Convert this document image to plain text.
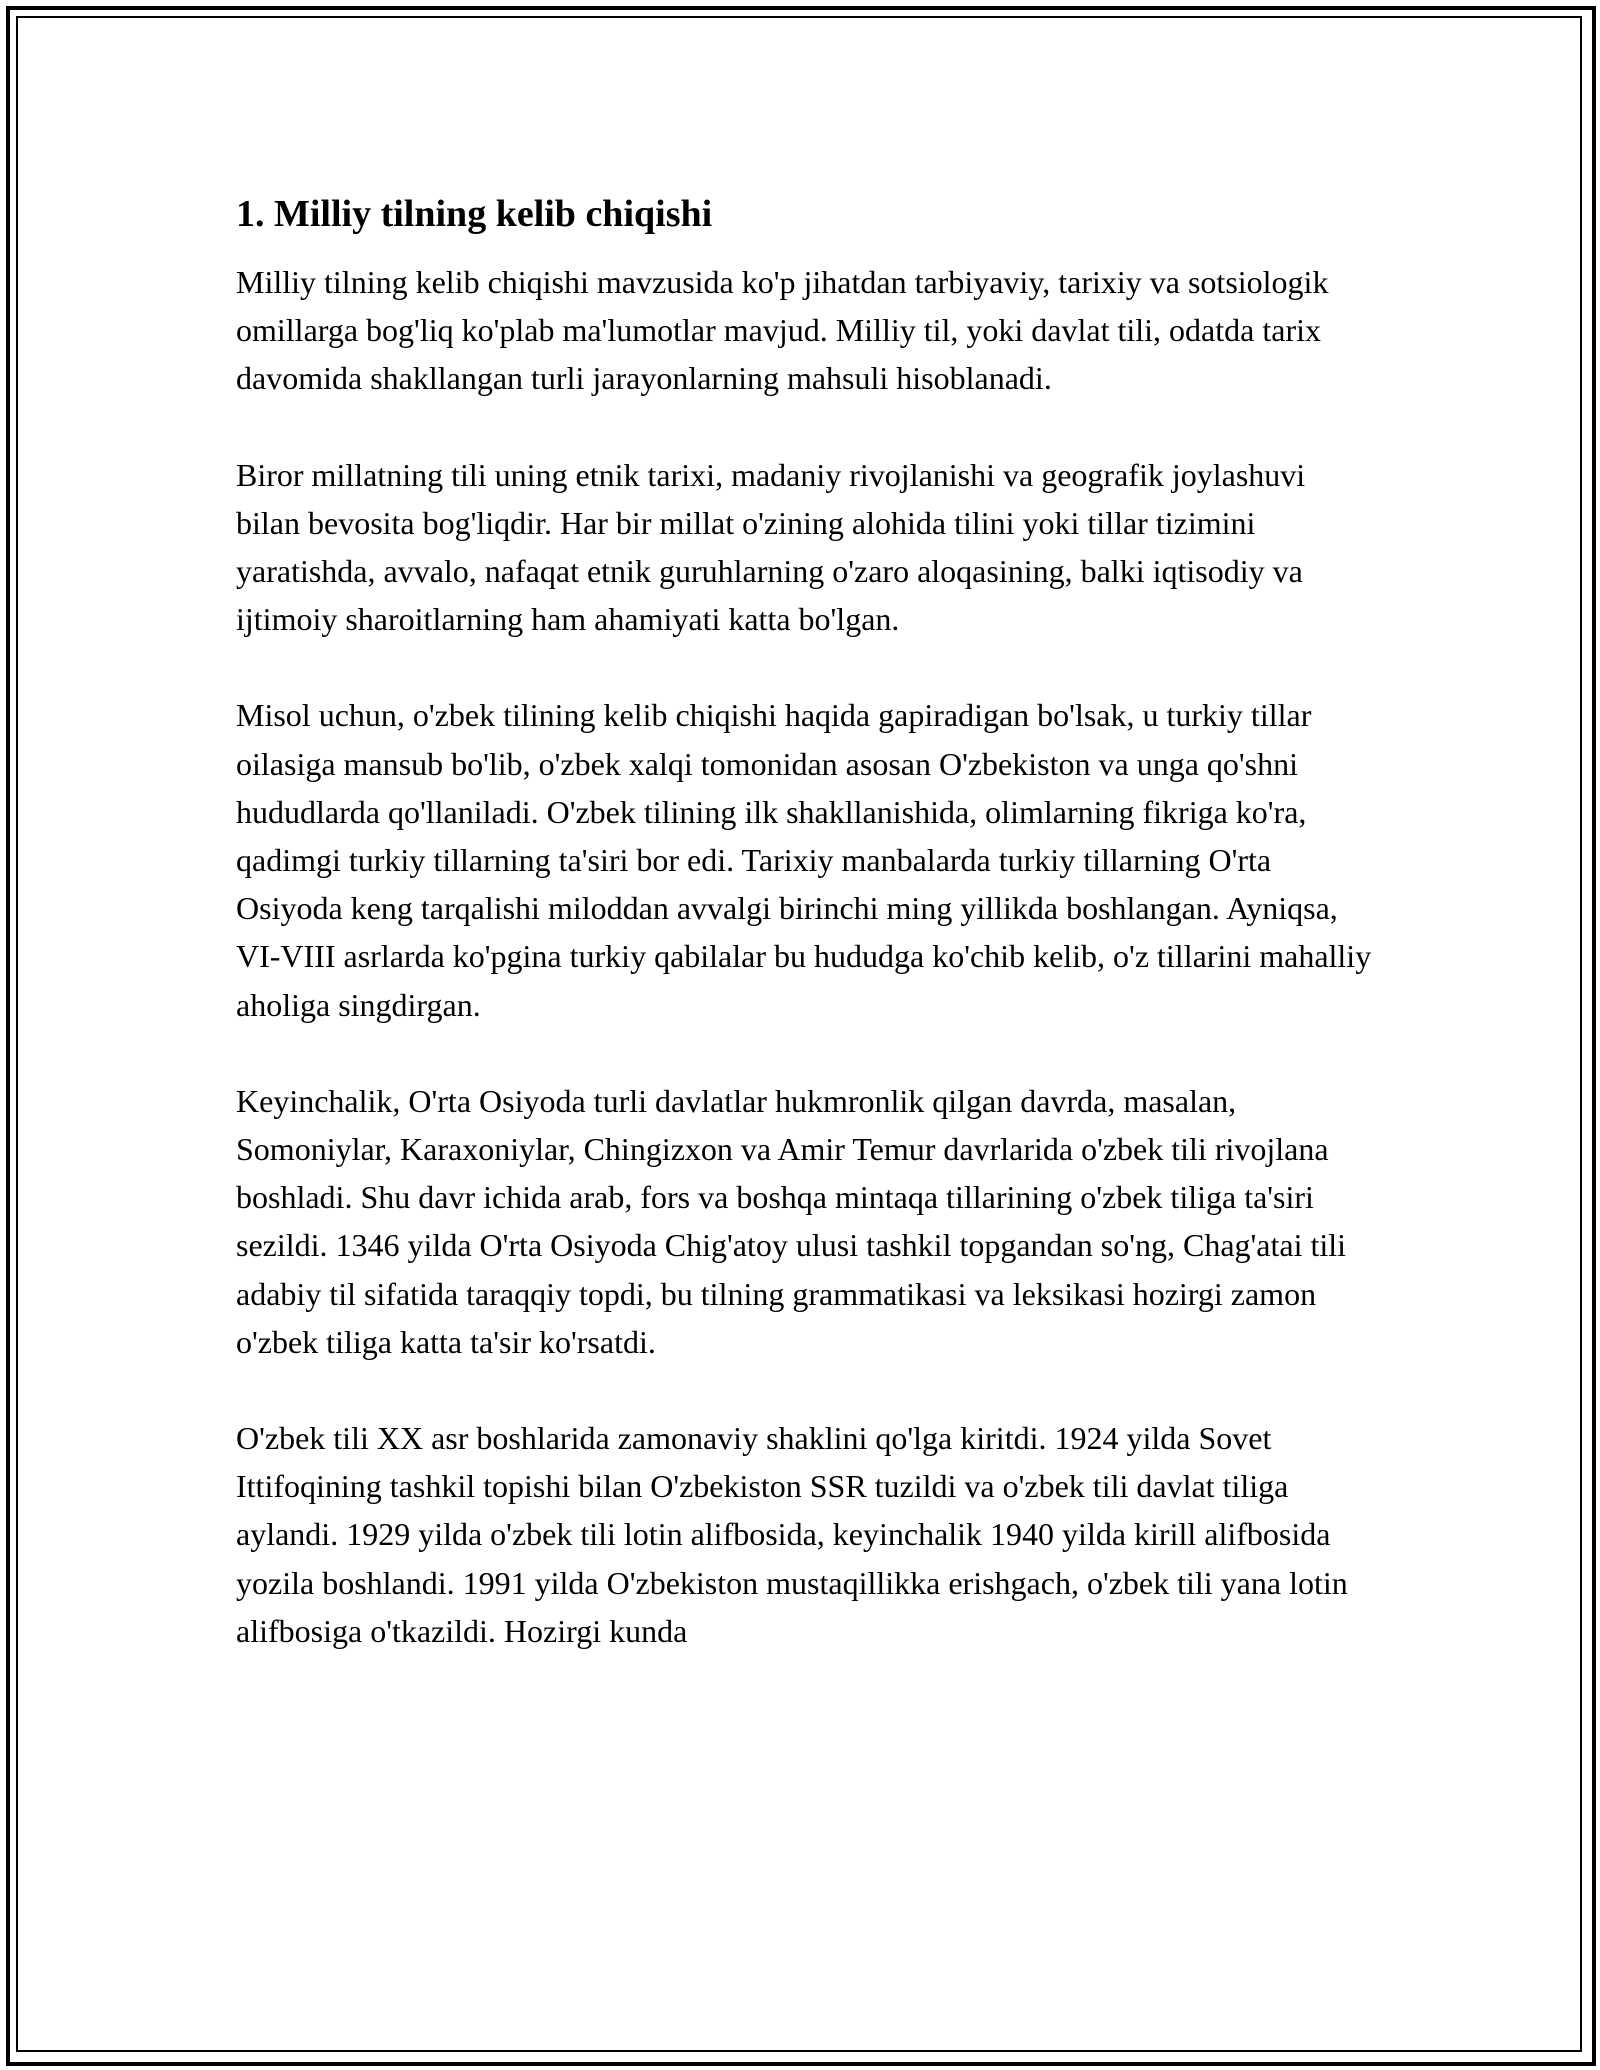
1. Milliy tilning kelib chiqishi

Milliy tilning kelib chiqishi mavzusida ko'p jihatdan tarbiyaviy, tarixiy va sotsiologik omillarga bog'liq ko'plab ma'lumotlar mavjud. Milliy til, yoki davlat tili, odatda tarix davomida shakllangan turli jarayonlarning mahsuli hisoblanadi.

Biror millatning tili uning etnik tarixi, madaniy rivojlanishi va geografik joylashuvi bilan bevosita bog'liqdir. Har bir millat o'zining alohida tilini yoki tillar tizimini yaratishda, avvalo, nafaqat etnik guruhlarning o'zaro aloqasining, balki iqtisodiy va ijtimoiy sharoitlarning ham ahamiyati katta bo'lgan.

Misol uchun, o'zbek tilining kelib chiqishi haqida gapiradigan bo'lsak, u turkiy tillar oilasiga mansub bo'lib, o'zbek xalqi tomonidan asosan O'zbekiston va unga qo'shni hududlarda qo'llaniladi. O'zbek tilining ilk shakllanishida, olimlarning fikriga ko'ra, qadimgi turkiy tillarning ta'siri bor edi. Tarixiy manbalarda turkiy tillarning O'rta Osiyoda keng tarqalishi miloddan avvalgi birinchi ming yillikda boshlangan. Ayniqsa, VI-VIII asrlarda ko'pgina turkiy qabilalar bu hududga ko'chib kelib, o'z tillarini mahalliy aholiga singdirgan.

Keyinchalik, O'rta Osiyoda turli davlatlar hukmronlik qilgan davrda, masalan, Somoniylar, Karaxoniylar, Chingizxon va Amir Temur davrlarida o'zbek tili rivojlana boshladi. Shu davr ichida arab, fors va boshqa mintaqa tillarining o'zbek tiliga ta'siri sezildi. 1346 yilda O'rta Osiyoda Chig'atoy ulusi tashkil topgandan so'ng, Chag'atai tili adabiy til sifatida taraqqiy topdi, bu tilning grammatikasi va leksikasi hozirgi zamon o'zbek tiliga katta ta'sir ko'rsatdi.

O'zbek tili XX asr boshlarida zamonaviy shaklini qo'lga kiritdi. 1924 yilda Sovet Ittifoqining tashkil topishi bilan O'zbekiston SSR tuzildi va o'zbek tili davlat tiliga aylandi. 1929 yilda o'zbek tili lotin alifbosida, keyinchalik 1940 yilda kirill alifbosida yozila boshlandi. 1991 yilda O'zbekiston mustaqillikka erishgach, o'zbek tili yana lotin alifbosiga o'tkazildi. Hozirgi kunda
